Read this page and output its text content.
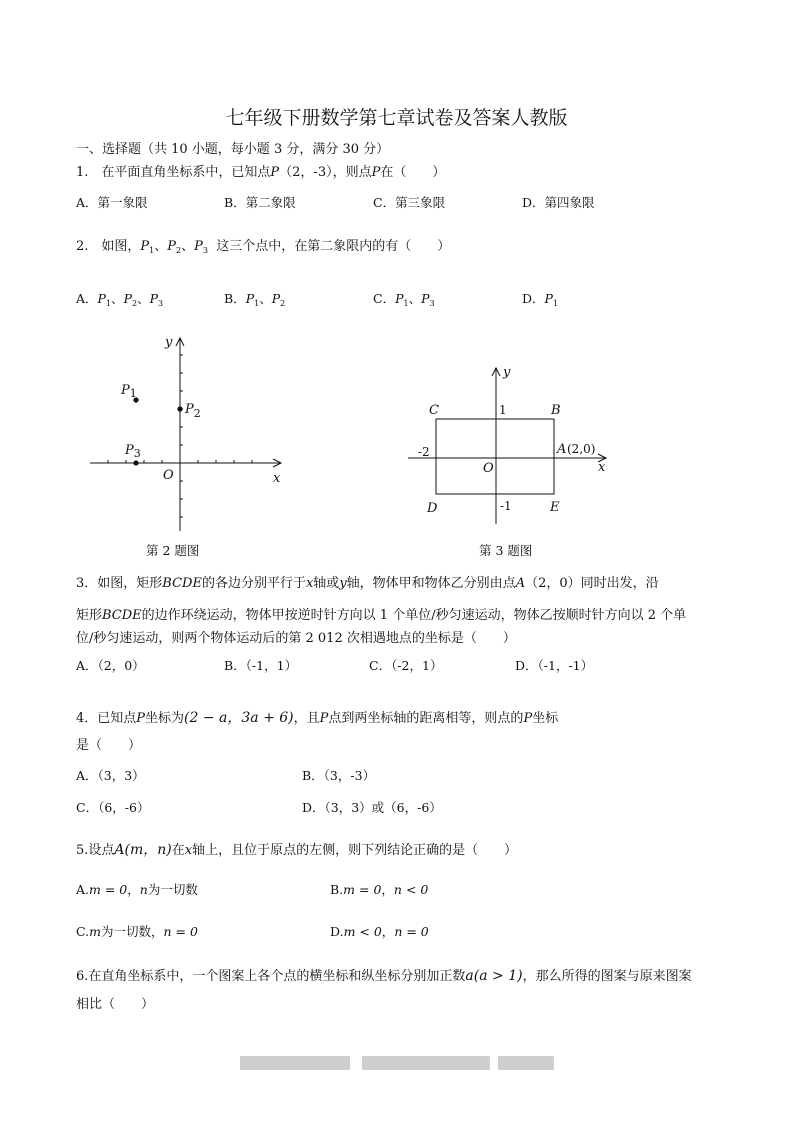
七年级下册数学第七章试卷及答案人教版
一、选择题（共 10 小题，每小题 3 分，满分 30 分）
1.　在平面直角坐标系中，已知点P（2，-3），则点P在（　　）
A．第一象限	B．第二象限	C．第三象限	D．第四象限
2.　如图，$P_1$、$P_2$、$P_3$ 这三个点中，在第二象限内的有（　　）
A．$P_1$、$P_2$、$P_3$	B．$P_1$、$P_2$	C．$P_1$、$P_3$	D．$P_1$
$P_1$
$P_2$
$P_3$
O	x
y
第 2 题图
y
x
C	1	B
-2	A (2,0)
O
D	-1	E
第 3 题图
3．如图，矩形BCDE的各边分别平行于x轴或y轴，物体甲和物体乙分别由点A（2，0）同时出发，沿
矩形BCDE的边作环绕运动，物体甲按逆时针方向以 1 个单位/秒匀速运动，物体乙按顺时针方向以 2 个单
位/秒匀速运动，则两个物体运动后的第 2 012 次相遇地点的坐标是（　　）
A．（2，0）	B．（-1，1）	C．（-2，1）	D．（-1，-1）
4．已知点P坐标为(2 − a，3a + 6)，且P点到两坐标轴的距离相等，则点的P坐标
是（　　）
A．（3，3）	B．（3，-3）
C．（6，-6）	D．（3，3）或（6，-6）
5.设点A(m，n)在x轴上，且位于原点的左侧，则下列结论正确的是（　　）
A.m = 0，n为一切数	B.m = 0，n < 0
C.m为一切数，n = 0	D.m < 0，n = 0
6.在直角坐标系中，一个图案上各个点的横坐标和纵坐标分别加正数a(a > 1)，那么所得的图案与原来图案
相比（　　）
